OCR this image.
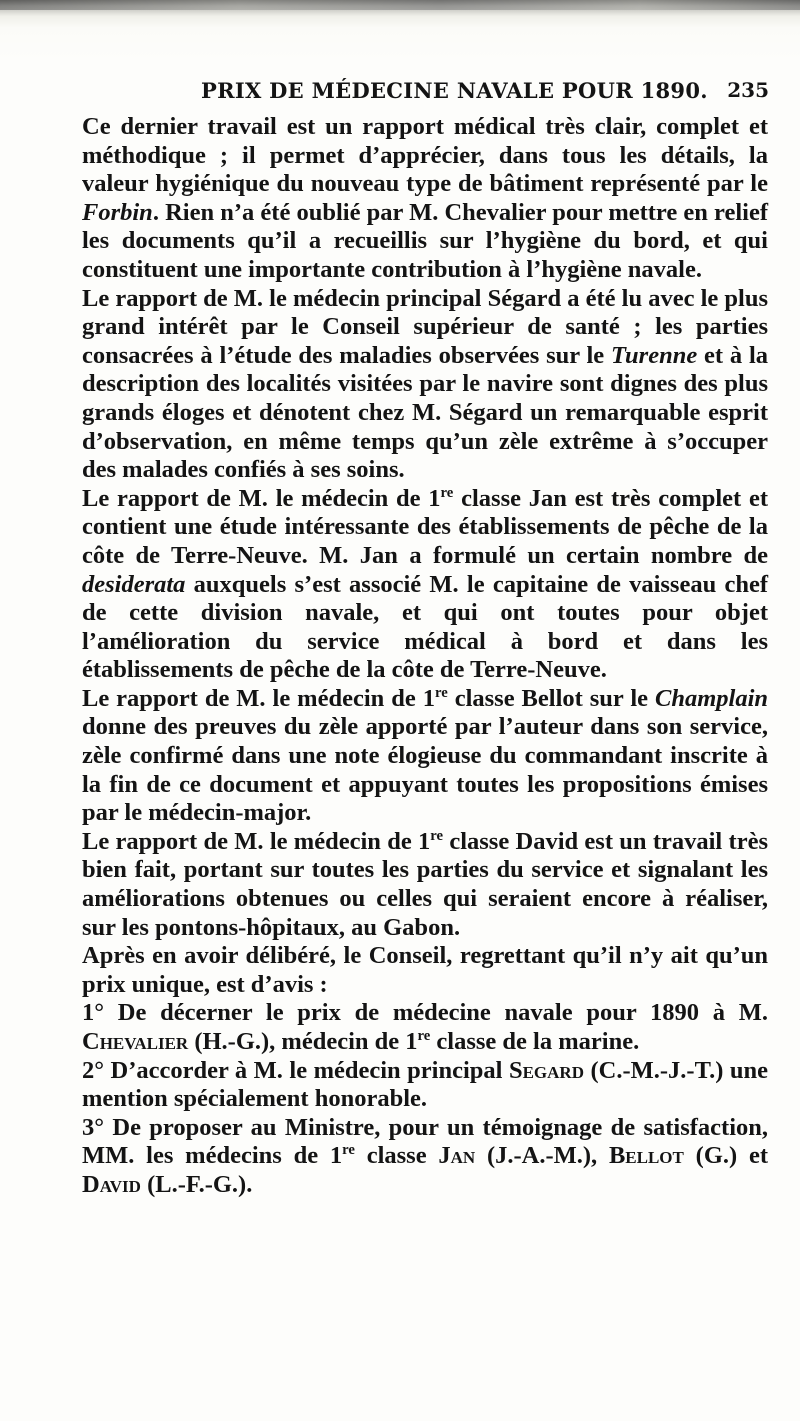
PRIX DE MÉDECINE NAVALE POUR 1890. 235

Ce dernier travail est un rapport médical très clair, complet et méthodique ; il permet d’apprécier, dans tous les détails, la valeur hygiénique du nouveau type de bâtiment représenté par le Forbin. Rien n’a été oublié par M. Chevalier pour mettre en relief les documents qu’il a recueillis sur l’hygiène du bord, et qui constituent une importante contribution à l’hygiène navale.

Le rapport de M. le médecin principal Ségard a été lu avec le plus grand intérêt par le Conseil supérieur de santé ; les parties consacrées à l’étude des maladies observées sur le Turenne et à la description des localités visitées par le navire sont dignes des plus grands éloges et dénotent chez M. Ségard un remarquable esprit d’observation, en même temps qu’un zèle extrême à s’occuper des malades confiés à ses soins.

Le rapport de M. le médecin de 1re classe Jan est très complet et contient une étude intéressante des établissements de pêche de la côte de Terre-Neuve. M. Jan a formulé un certain nombre de desiderata auxquels s’est associé M. le capitaine de vaisseau chef de cette division navale, et qui ont toutes pour objet l’amélioration du service médical à bord et dans les établissements de pêche de la côte de Terre-Neuve.

Le rapport de M. le médecin de 1re classe Bellot sur le Champlain donne des preuves du zèle apporté par l’auteur dans son service, zèle confirmé dans une note élogieuse du commandant inscrite à la fin de ce document et appuyant toutes les propositions émises par le médecin-major.

Le rapport de M. le médecin de 1re classe David est un travail très bien fait, portant sur toutes les parties du service et signalant les améliorations obtenues ou celles qui seraient encore à réaliser, sur les pontons-hôpitaux, au Gabon.

Après en avoir délibéré, le Conseil, regrettant qu’il n’y ait qu’un prix unique, est d’avis :

1° De décerner le prix de médecine navale pour 1890 à M. Chevalier (H.-G.), médecin de 1re classe de la marine.

2° D’accorder à M. le médecin principal Segard (C.-M.-J.-T.) une mention spécialement honorable.

3° De proposer au Ministre, pour un témoignage de satisfaction, MM. les médecins de 1re classe Jan (J.-A.-M.), Bellot (G.) et David (L.-F.-G.).
